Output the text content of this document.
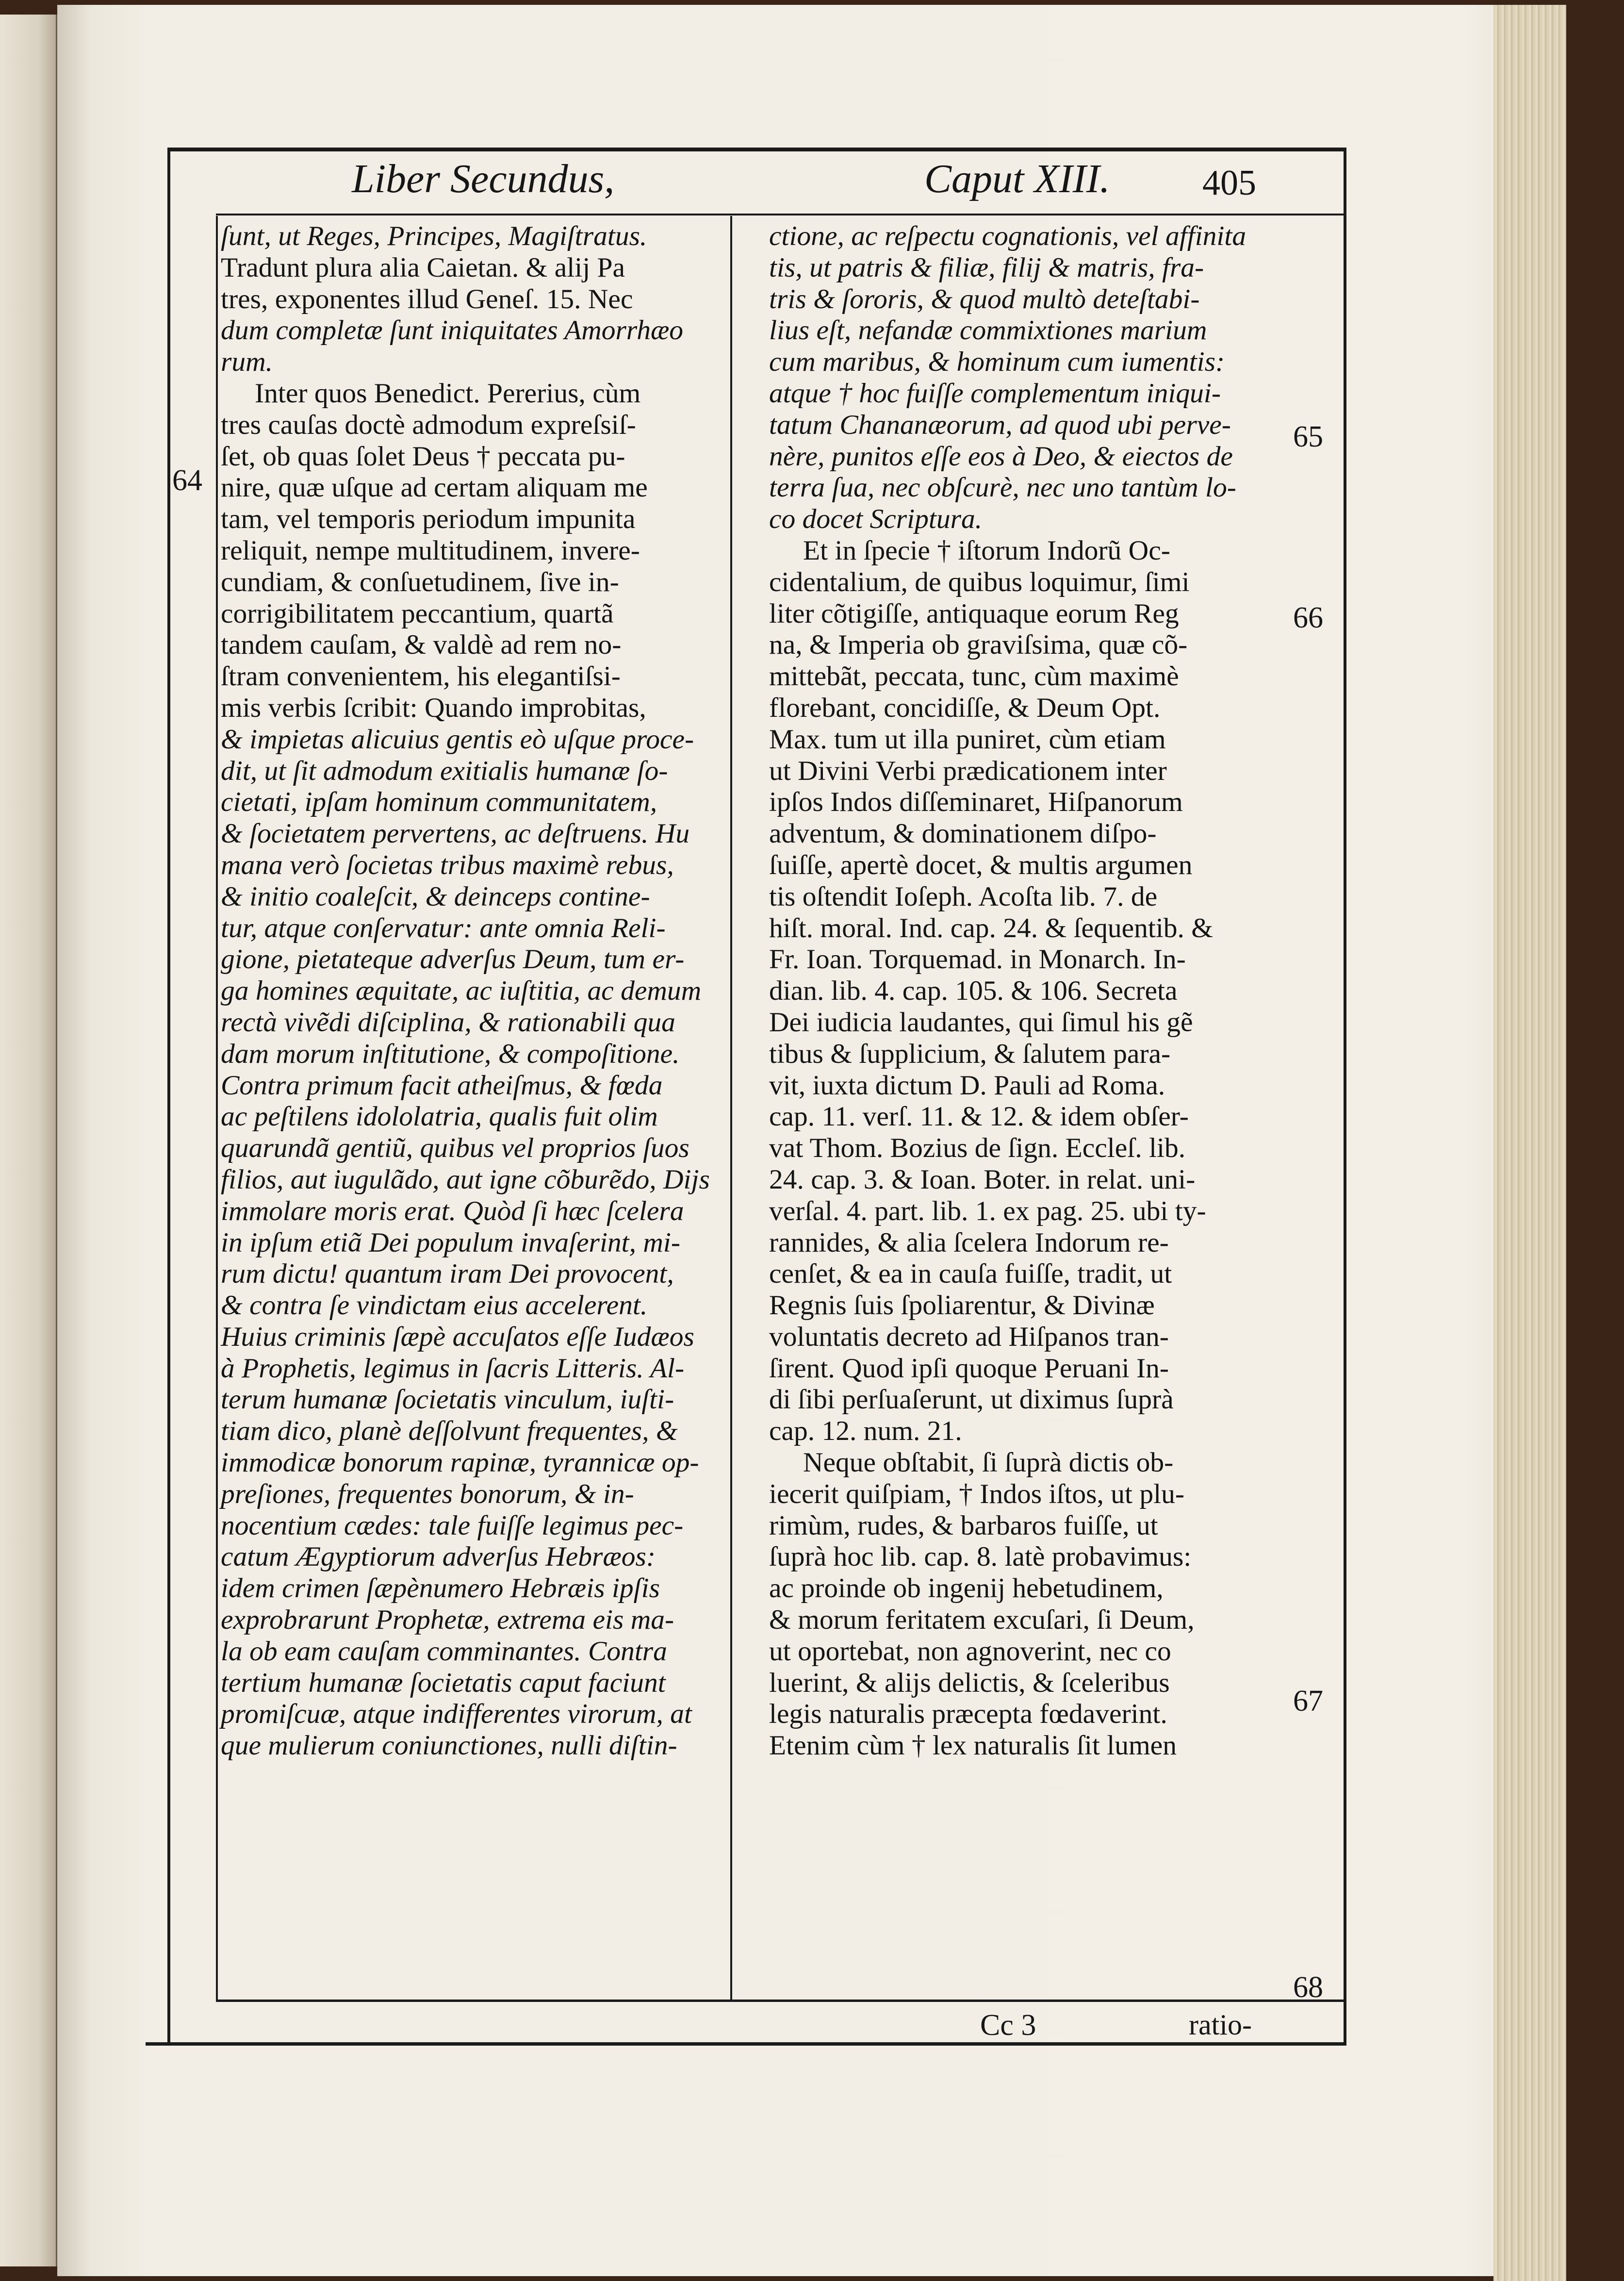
Liber Secundus,	Caput XIII.	405
64
65
66
67
68
ſunt, ut Reges, Principes, Magiſtratus.
Tradunt plura alia Caietan. & alij Pa
tres, exponentes illud Geneſ. 15. Nec
dum completæ ſunt iniquitates Amorrhæo
rum.
Inter quos Benedict. Pererius, cùm
tres cauſas doctè admodum expreſsiſ-
ſet, ob quas ſolet Deus † peccata pu-
nire, quæ uſque ad certam aliquam me
tam, vel temporis periodum impunita
reliquit, nempe multitudinem, invere-
cundiam, & conſuetudinem, ſive in-
corrigibilitatem peccantium, quartã
tandem cauſam, & valdè ad rem no-
ſtram convenientem, his elegantiſsi-
mis verbis ſcribit: Quando improbitas,
& impietas alicuius gentis eò uſque proce-
dit, ut ſit admodum exitialis humanæ ſo-
cietati, ipſam hominum communitatem,
& ſocietatem pervertens, ac deſtruens. Hu
mana verò ſocietas tribus maximè rebus,
& initio coaleſcit, & deinceps contine-
tur, atque conſervatur: ante omnia Reli-
gione, pietateque adverſus Deum, tum er-
ga homines æquitate, ac iuſtitia, ac demum
rectà vivẽdi diſciplina, & rationabili qua
dam morum inſtitutione, & compoſitione.
Contra primum facit atheiſmus, & fœda
ac peſtilens idololatria, qualis fuit olim
quarundã gentiũ, quibus vel proprios ſuos
filios, aut iugulãdo, aut igne cõburẽdo, Dijs
immolare moris erat. Quòd ſi hæc ſcelera
in ipſum etiã Dei populum invaſerint, mi-
rum dictu! quantum iram Dei provocent,
& contra ſe vindictam eius accelerent.
Huius criminis ſæpè accuſatos eſſe Iudæos
à Prophetis, legimus in ſacris Litteris. Al-
terum humanæ ſocietatis vinculum, iuſti-
tiam dico, planè deſſolvunt frequentes, &
immodicæ bonorum rapinæ, tyrannicæ op-
preſiones, frequentes bonorum, & in-
nocentium cædes: tale fuiſſe legimus pec-
catum Ægyptiorum adverſus Hebræos:
idem crimen ſæpènumero Hebræis ipſis
exprobrarunt Prophetæ, extrema eis ma-
la ob eam cauſam comminantes. Contra
tertium humanæ ſocietatis caput faciunt
promiſcuæ, atque indifferentes virorum, at
que mulierum coniunctiones, nulli diſtin-
ctione, ac reſpectu cognationis, vel affinita
tis, ut patris & filiæ, filij & matris, fra-
tris & ſororis, & quod multò deteſtabi-
lius eſt, nefandæ commixtiones marium
cum maribus, & hominum cum iumentis:
atque † hoc fuiſſe complementum iniqui-
tatum Chananæorum, ad quod ubi perve-
nère, punitos eſſe eos à Deo, & eiectos de
terra ſua, nec obſcurè, nec uno tantùm lo-
co docet Scriptura.
Et in ſpecie † iſtorum Indorũ Oc-
cidentalium, de quibus loquimur, ſimi
liter cõtigiſſe, antiquaque eorum Reg
na, & Imperia ob graviſsima, quæ cõ-
mittebãt, peccata, tunc, cùm maximè
florebant, concidiſſe, & Deum Opt.
Max. tum ut illa puniret, cùm etiam
ut Divini Verbi prædicationem inter
ipſos Indos diſſeminaret, Hiſpanorum
adventum, & dominationem diſpo-
ſuiſſe, apertè docet, & multis argumen
tis oſtendit Ioſeph. Acoſta lib. 7. de
hiſt. moral. Ind. cap. 24. & ſequentib. &
Fr. Ioan. Torquemad. in Monarch. In-
dian. lib. 4. cap. 105. & 106. Secreta
Dei iudicia laudantes, qui ſimul his gẽ
tibus & ſupplicium, & ſalutem para-
vit, iuxta dictum D. Pauli ad Roma.
cap. 11. verſ. 11. & 12. & idem obſer-
vat Thom. Bozius de ſign. Eccleſ. lib.
24. cap. 3. & Ioan. Boter. in relat. uni-
verſal. 4. part. lib. 1. ex pag. 25. ubi ty-
rannides, & alia ſcelera Indorum re-
cenſet, & ea in cauſa fuiſſe, tradit, ut
Regnis ſuis ſpoliarentur, & Divinæ
voluntatis decreto ad Hiſpanos tran-
ſirent. Quod ipſi quoque Peruani In-
di ſibi perſuaſerunt, ut diximus ſuprà
cap. 12. num. 21.
Neque obſtabit, ſi ſuprà dictis ob-
iecerit quiſpiam, † Indos iſtos, ut plu-
rimùm, rudes, & barbaros fuiſſe, ut
ſuprà hoc lib. cap. 8. latè probavimus:
ac proinde ob ingenij hebetudinem,
& morum feritatem excuſari, ſi Deum,
ut oportebat, non agnoverint, nec co
luerint, & alijs delictis, & ſceleribus
legis naturalis præcepta fœdaverint.
Etenim cùm † lex naturalis ſit lumen
Cc 3	ratio-
